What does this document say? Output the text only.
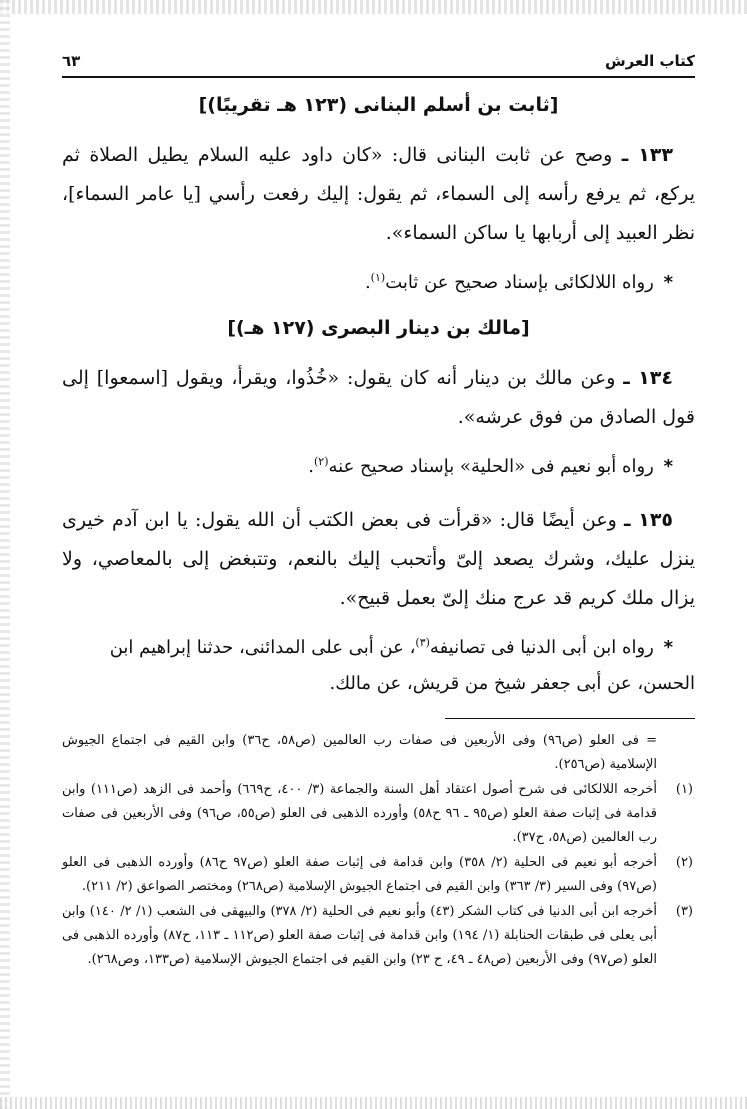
كتاب العرش
٦٣
[ثابت بن أسلم البنانى (١٢٣ هـ تقريبًا)]

١٣٣ ـ وصح عن ثابت البنانى قال: «كان داود عليه السلام يطيل الصلاة ثم يركع، ثم يرفع رأسه إلى السماء، ثم يقول: إليك رفعت رأسي [يا عامر السماء]، نظر العبيد إلى أربابها يا ساكن السماء».

* رواه اللالكائى بإسناد صحيح عن ثابت$^{(١)}$.

[مالك بن دينار البصرى (١٢٧ هـ)]

١٣٤ ـ وعن مالك بن دينار أنه كان يقول: «خُذُوا، ويقرأ، ويقول [اسمعوا] إلى قول الصادق من فوق عرشه».

* رواه أبو نعيم فى «الحلية» بإسناد صحيح عنه$^{(٢)}$.

١٣٥ ـ وعن أيضًا قال: «قرأت فى بعض الكتب أن الله يقول: يا ابن آدم خيرى ينزل عليك، وشرك يصعد إلىّ وأتحبب إليك بالنعم، وتتبغض إلى بالمعاصي، ولا يزال ملك كريم قد عرج منك إلىّ بعمل قبيح».

* رواه ابن أبى الدنيا فى تصانيفه$^{(٣)}$، عن أبى على المدائنى، حدثنا إبراهيم ابن الحسن، عن أبى جعفر شيخ من قريش، عن مالك.

= فى العلو (ص٩٦) وفى الأربعين فى صفات رب العالمين (ص٥٨، ح٣٦) وابن القيم فى اجتماع الجيوش الإسلامية (ص٢٥٦).
(١)
أخرجه اللالكائى فى شرح أصول اعتقاد أهل السنة والجماعة (٣/ ٤٠٠، ح٦٦٩) وأحمد فى الزهد (ص١١١) وابن قدامة فى إثبات صفة العلو (ص٩٥ ـ ٩٦ ح٥٨) وأورده الذهبى فى العلو (ص٥٥، ص٩٦) وفى الأربعين فى صفات رب العالمين (ص٥٨، ح٣٧).
(٢)
أخرجه أبو نعيم فى الحلية (٢/ ٣٥٨) وابن قدامة فى إثبات صفة العلو (ص٩٧ ح٨٦) وأورده الذهبى فى العلو (ص٩٧) وفى السير (٣/ ٣٦٣) وابن القيم فى اجتماع الجيوش الإسلامية (ص٢٦٨) ومختصر الصواعق (٢/ ٢١١).
(٣)
أخرجه ابن أبى الدنيا فى كتاب الشكر (٤٣) وأبو نعيم فى الحلية (٢/ ٣٧٨) والبيهقى فى الشعب (١/ ٢/ ١٤٠) وابن أبى يعلى فى طبقات الحنابلة (١/ ١٩٤) وابن قدامة فى إثبات صفة العلو (ص١١٢ ـ ١١٣، ح٨٧) وأورده الذهبى فى العلو (ص٩٧) وفى الأربعين (ص٤٨ ـ ٤٩، ح ٢٣) وابن القيم فى اجتماع الجيوش الإسلامية (ص١٣٣، وص٢٦٨).
